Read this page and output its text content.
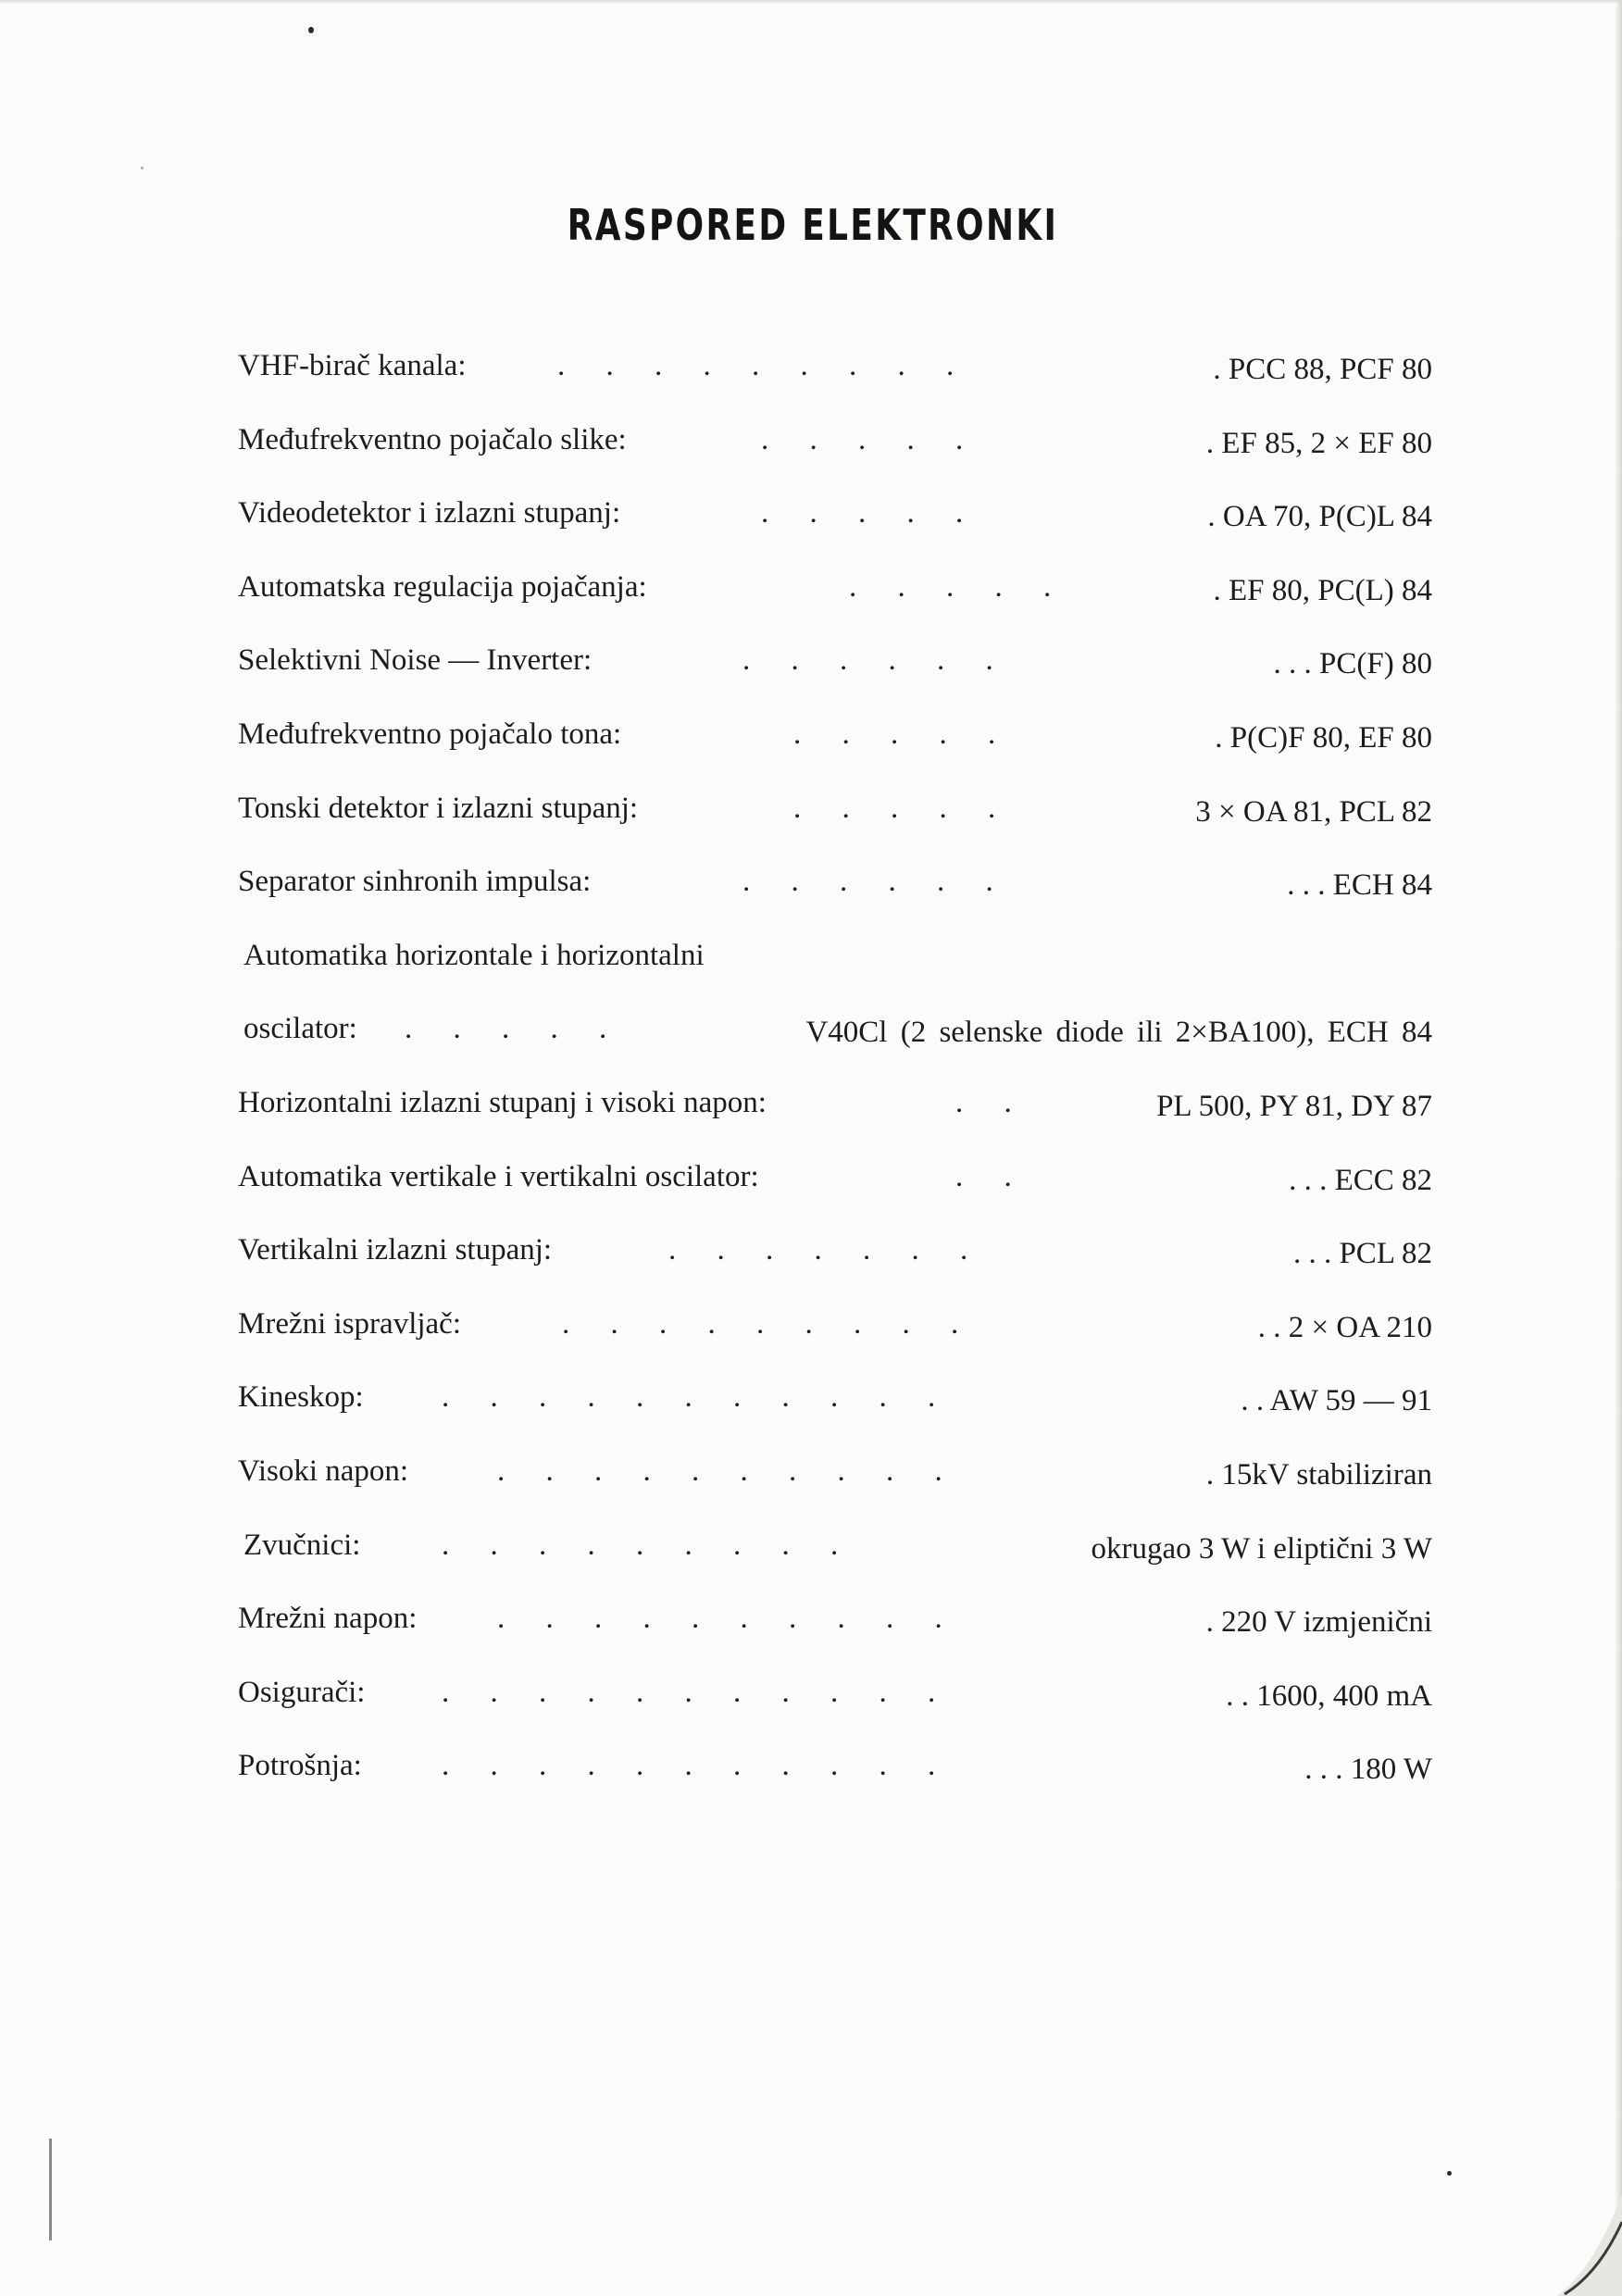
RASPORED ELEKTRONKI
VHF-birač kanala:	. . . . . . . . .	. PCC 88, PCF 80
Međufrekventno pojačalo slike:	. . . . .	. EF 85, 2 × EF 80
Videodetektor i izlazni stupanj:	. . . . .	. OA 70, P(C)L 84
Automatska regulacija pojačanja:	. . . . .	. EF 80, PC(L) 84
Selektivni Noise — Inverter:	. . . . . .	. . . PC(F) 80
Međufrekventno pojačalo tona:	. . . . .	. P(C)F 80, EF 80
Tonski detektor i izlazni stupanj:	. . . . .	3 × OA 81, PCL 82
Separator sinhronih impulsa:	. . . . . .	. . . ECH 84
Automatika horizontale i horizontalni
oscilator: . . . . .	V40Cl (2 selenske diode ili 2×BA100), ECH 84
Horizontalni izlazni stupanj i visoki napon:	. .	PL 500, PY 81, DY 87
Automatika vertikale i vertikalni oscilator:	. .	. . . ECC 82
Vertikalni izlazni stupanj:	. . . . . . .	. . . PCL 82
Mrežni ispravljač:	. . . . . . . . .	. . 2 × OA 210
Kineskop:	. . . . . . . . . . .	. . AW 59 — 91
Visoki napon:	. . . . . . . . . .	. 15kV stabiliziran
Zvučnici:	. . . . . . . . .	okrugao 3 W i eliptični 3 W
Mrežni napon:	. . . . . . . . . .	. 220 V izmjenični
Osigurači:	. . . . . . . . . . .	. . 1600, 400 mA
Potrošnja:	. . . . . . . . . . .	. . . 180 W
